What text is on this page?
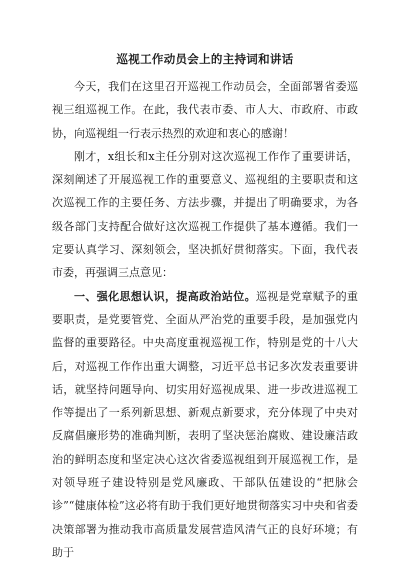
巡视工作动员会上的主持词和讲话

今天，我们在这里召开巡视工作动员会，全面部署省委巡视三组巡视工作。在此，我代表市委、市人大、市政府、市政协，向巡视组一行表示热烈的欢迎和衷心的感谢！

刚才，x组长和x主任分别对这次巡视工作作了重要讲话，深刻阐述了开展巡视工作的重要意义、巡视组的主要职责和这次巡视工作的主要任务、方法步骤，并提出了明确要求，为各级各部门支持配合做好这次巡视工作提供了基本遵循。我们一定要认真学习、深刻领会，坚决抓好贯彻落实。下面，我代表市委，再强调三点意见：

一、强化思想认识，提高政治站位。巡视是党章赋予的重要职责，是党要管党、全面从严治党的重要手段，是加强党内监督的重要路径。中央高度重视巡视工作，特别是党的十八大后，对巡视工作作出重大调整，习近平总书记多次发表重要讲话，就坚持问题导向、切实用好巡视成果、进一步改进巡视工作等提出了一系列新思想、新观点新要求，充分体现了中央对反腐倡廉形势的准确判断，表明了坚决惩治腐败、建设廉洁政治的鲜明态度和坚定决心这次省委巡视组到开展巡视工作，是对领导班子建设特别是党风廉政、干部队伍建设的“把脉会诊”“健康体检”这必将有助于我们更好地贯彻落实习中央和省委决策部署为推动我市高质量发展营造风清气正的良好环境；有助于
